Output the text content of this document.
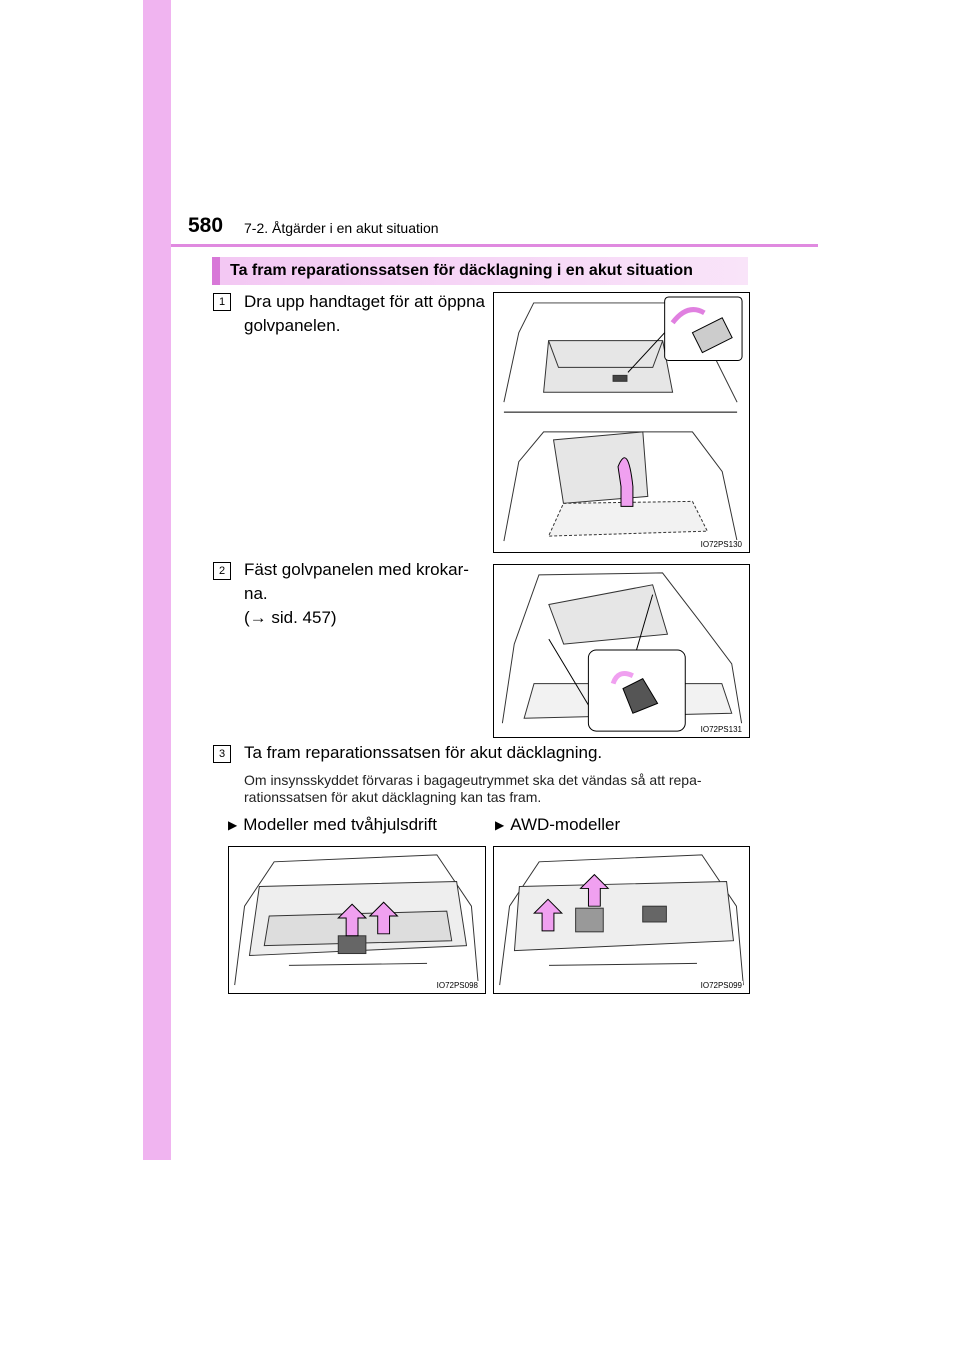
580 7-2. Åtgärder i en akut situation
Ta fram reparationssatsen för däcklagning i en akut situation
1	Dra upp handtaget för att öppna
golvpanelen.
IO72PS130
2	Fäst golvpanelen med krokar-
na.
(→ sid. 457)
IO72PS131
3	Ta fram reparationssatsen för akut däcklagning.
Om insynsskyddet förvaras i bagageutrymmet ska det vändas så att repa-
rationssatsen för akut däcklagning kan tas fram.
▶ Modeller med tvåhjulsdrift	▶ AWD-modeller
IO72PS098	IO72PS099
